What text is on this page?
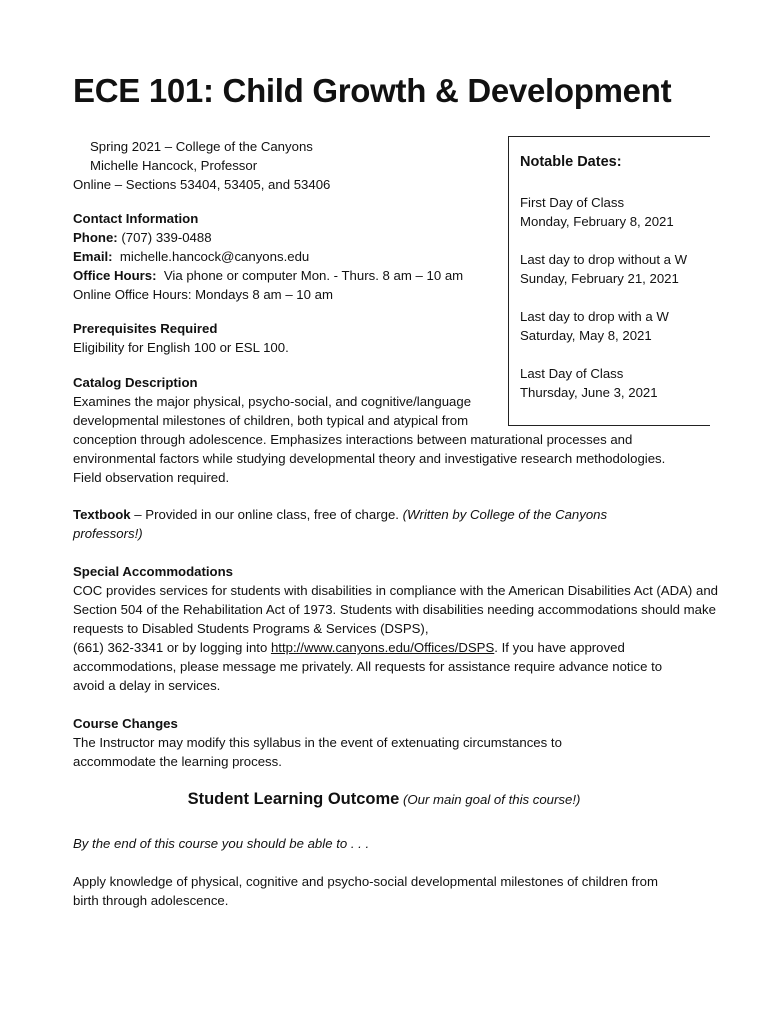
ECE 101: Child Growth & Development
Spring 2021 – College of the Canyons
Michelle Hancock, Professor
Online – Sections 53404, 53405, and 53406
Contact Information
Phone: (707) 339-0488
Email:  michelle.hancock@canyons.edu
Office Hours:  Via phone or computer Mon. - Thurs. 8 am – 10 am
Online Office Hours: Mondays 8 am – 10 am
Prerequisites Required
Eligibility for English 100 or ESL 100.
Catalog Description
Examines the major physical, psycho-social, and cognitive/language
developmental milestones of children, both typical and atypical from
conception through adolescence. Emphasizes interactions between maturational processes and environmental factors while studying developmental theory and investigative research methodologies. Field observation required.
Textbook – Provided in our online class, free of charge. (Written by College of the Canyons professors!)
Special Accommodations
COC provides services for students with disabilities in compliance with the American Disabilities Act (ADA) and Section 504 of the Rehabilitation Act of 1973. Students with disabilities needing accommodations should make requests to Disabled Students Programs & Services (DSPS),
(661) 362-3341 or by logging into http://www.canyons.edu/Offices/DSPS. If you have approved accommodations, please message me privately. All requests for assistance require advance notice to avoid a delay in services.
Course Changes
The Instructor may modify this syllabus in the event of extenuating circumstances to accommodate the learning process.
Student Learning Outcome (Our main goal of this course!)
By the end of this course you should be able to . . .
Apply knowledge of physical, cognitive and psycho-social developmental milestones of children from birth through adolescence.
Notable Dates:
First Day of Class
Monday, February 8, 2021
Last day to drop without a W
Sunday, February 21, 2021
Last day to drop with a W
Saturday, May 8, 2021
Last Day of Class
Thursday, June 3, 2021
